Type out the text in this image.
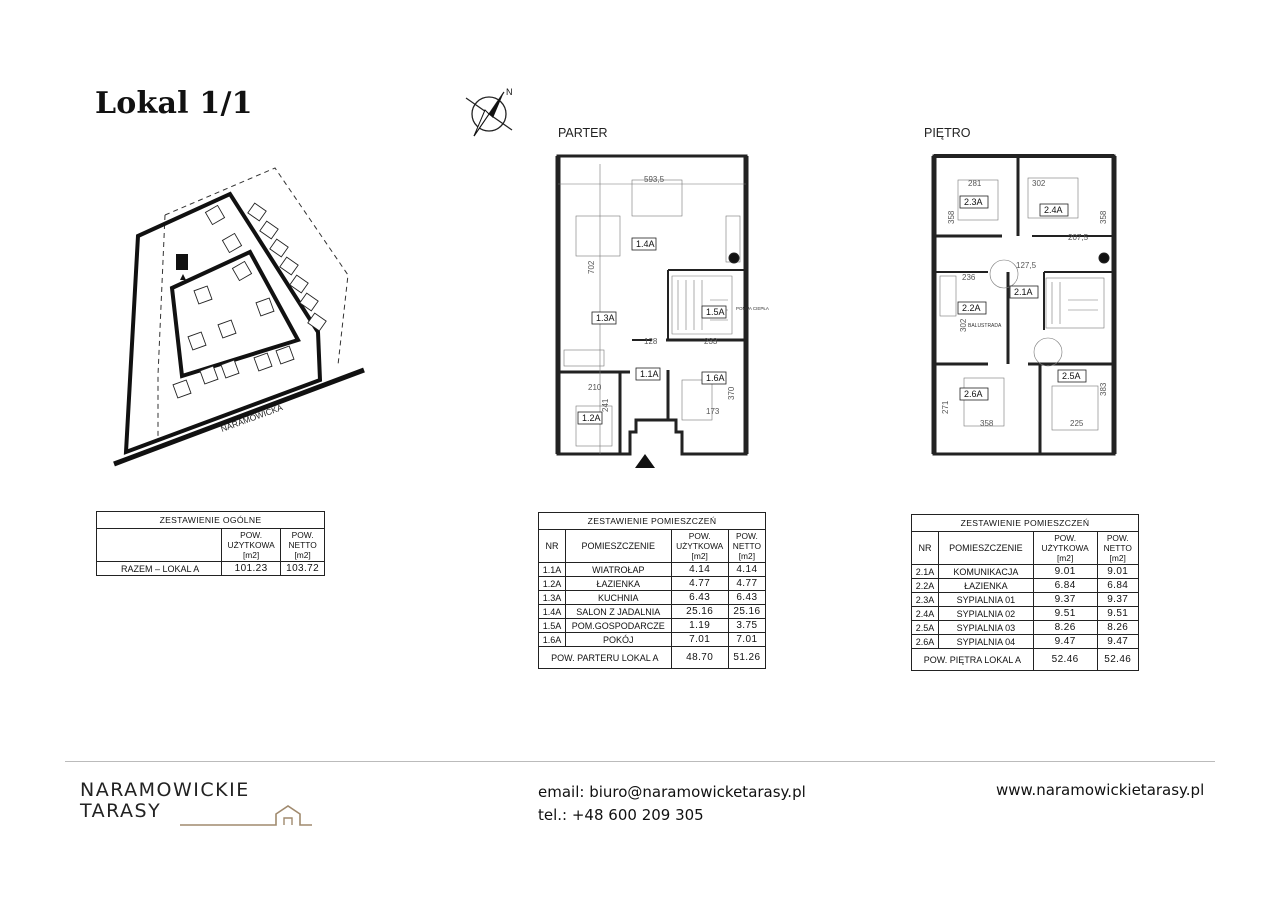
Lokal 1/1	N
NARAMOWICKA
PARTER
593,5
702
128	233
210
241
370
173
POMPA CIEPŁA
1.4A
1.3A
1.5A
1.1A	1.6A
1.2A
PIĘTRO
281	302
358	358
207,5
127,5
236
302
271
358	225
383
BALUSTRADA
2.3A
2.4A
2.1A
2.2A
2.5A
2.6A
ZESTAWIENIE OGÓLNE		
	POW.
UŻYTKOWA
[m2]	POW.
NETTO
[m2]
RAZEM – LOKAL A	101.23	103.72
ZESTAWIENIE POMIESZCZEŃ			
NR	POMIESZCZENIE	POW.
UŻYTKOWA
[m2]	POW.
NETTO
[m2]
1.1A	WIATROŁAP	4.14	4.14
1.2A	ŁAZIENKA	4.77	4.77
1.3A	KUCHNIA	6.43	6.43
1.4A	SALON Z JADALNIA	25.16	25.16
1.5A	POM.GOSPODARCZE	1.19	3.75
1.6A	POKÓJ	7.01	7.01
POW. PARTERU LOKAL A		48.70	51.26
ZESTAWIENIE POMIESZCZEŃ			
NR	POMIESZCZENIE	POW.
UŻYTKOWA
[m2]	POW.
NETTO
[m2]
2.1A	KOMUNIKACJA	9.01	9.01
2.2A	ŁAZIENKA	6.84	6.84
2.3A	SYPIALNIA 01	9.37	9.37
2.4A	SYPIALNIA 02	9.51	9.51
2.5A	SYPIALNIA 03	8.26	8.26
2.6A	SYPIALNIA 04	9.47	9.47
POW. PIĘTRA LOKAL A		52.46	52.46
NARAMOWICKIE
TARASY
email: biuro@naramowicketarasy.pl
tel.: +48 600 209 305
www.naramowickietarasy.pl
